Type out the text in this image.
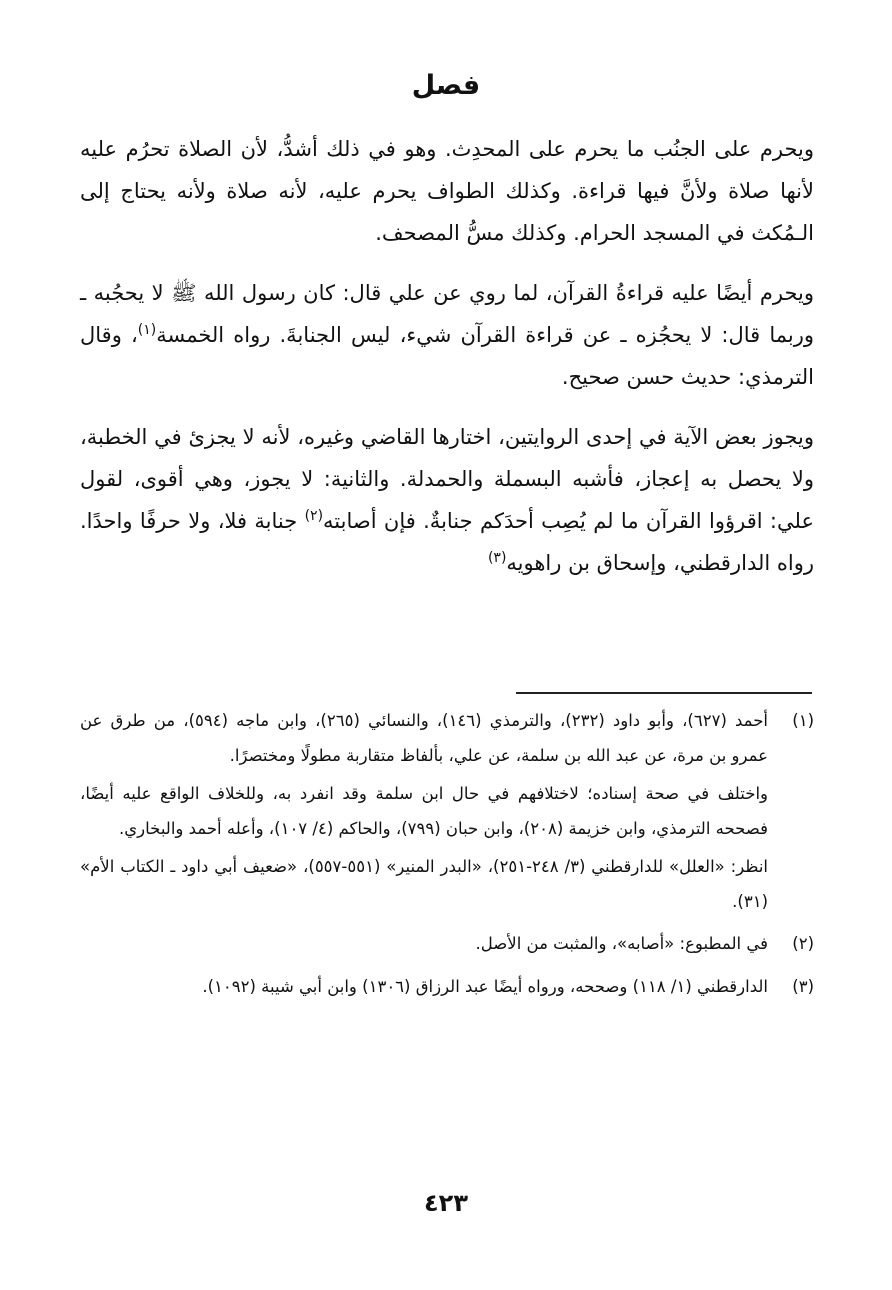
فصل

ويحرم على الجنُب ما يحرم على المحدِث. وهو في ذلك أشدُّ، لأن الصلاة تحرُم عليه لأنها صلاة ولأنَّ فيها قراءة. وكذلك الطواف يحرم عليه، لأنه صلاة ولأنه يحتاج إلى الـمُكث في المسجد الحرام. وكذلك مسُّ المصحف.

ويحرم أيضًا عليه قراءةُ القرآن، لما روي عن علي قال: كان رسول الله ﷺ لا يحجُبه ـ وربما قال: لا يحجُزه ـ عن قراءة القرآن شيء، ليس الجنابةَ. رواه الخمسة$^{(١)}$، وقال الترمذي: حديث حسن صحيح.

ويجوز بعض الآية في إحدى الروايتين، اختارها القاضي وغيره، لأنه لا يجزئ في الخطبة، ولا يحصل به إعجاز، فأشبه البسملة والحمدلة. والثانية: لا يجوز، وهي أقوى، لقول علي: اقرؤوا القرآن ما لم يُصِب أحدَكم جنابةٌ. فإن أصابته$^{(٢)}$ جنابة فلا، ولا حرفًا واحدًا. رواه الدارقطني، وإسحاق بن راهويه$^{(٣)}$

(١)
أحمد (٦٢٧)، وأبو داود (٢٣٢)، والترمذي (١٤٦)، والنسائي (٢٦٥)، وابن ماجه (٥٩٤)، من طرق عن عمرو بن مرة، عن عبد الله بن سلمة، عن علي، بألفاظ متقاربة مطولًا ومختصرًا.
واختلف في صحة إسناده؛ لاختلافهم في حال ابن سلمة وقد انفرد به، وللخلاف الواقع عليه أيضًا، فصححه الترمذي، وابن خزيمة (٢٠٨)، وابن حبان (٧٩٩)، والحاكم (٤/ ١٠٧)، وأعله أحمد والبخاري.
انظر: «العلل» للدارقطني (٣/ ٢٤٨-٢٥١)، «البدر المنير» (٥٥١-٥٥٧)، «ضعيف أبي داود ـ الكتاب الأم» (٣١).
(٢)
في المطبوع: «أصابه»، والمثبت من الأصل.
(٣)
الدارقطني (١/ ١١٨) وصححه، ورواه أيضًا عبد الرزاق (١٣٠٦) وابن أبي شيبة (١٠٩٢).
٤٢٣
